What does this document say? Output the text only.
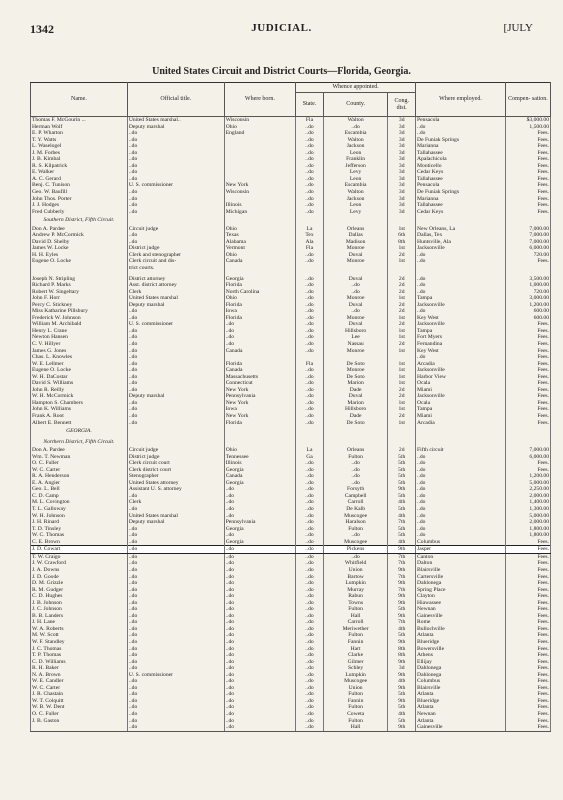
1342	JUDICIAL.	[JULY
United States Circuit and District Courts—Florida, Georgia.
Name.	Official title.	Where born.	Whence appointed.			Where employed.	Compen- sation.
			State.	County.	Cong. dist.		
Thomas F. McGourin ...	United States marshal..	Wisconsin	Fla	Walton	3d	Pensacola	$3,000.00
Herman Wolf	Deputy marshal	Ohio	..do	..do	3d	..do	1,500.00
E. P. Wharton	..do	England	..do	Escambia	3d	..do	Fees.
T. Y. Watts	..do		..do	Walton	3d	De Funiak Springs	Fees.
L. Waselogel	..do		..do	Jackson	3d	Marianna	Fees.
J. M. Forbes	..do		..do	Leon	3d	Tallahassee	Fees.
J. B. Kimbal	..do		..do	Franklin	3d	Apalachicola	Fees.
R. S. Kilpatrick	..do		..do	Jefferson	3d	Monticello	Fees.
E. Walker	..do		..do	Levy	3d	Cedar Keys	Fees.
A. C. Gerard	..do		..do	Leon	3d	Tallahassee	Fees.
Benj. C. Tunison	U. S. commissioner	New York	..do	Escambia	3d	Pensacola	Fees.
Geo. W. Baufill	..do	Wisconsin	..do	Walton	3d	De Funiak Springs	Fees.
John Thos. Porter	..do		..do	Jackson	3d	Marianna	Fees.
J. J. Hodges	..do	Illinois	..do	Leon	3d	Tallahassee	Fees.
Fred Cubberly	..do	Michigan	..do	Levy	3d	Cedar Keys	Fees.
Southern District, Fifth Circuit.							
Don A. Pardee	Circuit judge	Ohio	La	Orleans	1st	New Orleans, La	7,000.00
Andrew P. McCormick	..do	Texas	Tex	Dallas	6th	Dallas, Tex	7,000.00
David D. Shelby	..do	Alabama	Ala	Madison	8th	Huntsville, Ala	7,000.00
James W. Locke	District judge	Vermont	Fla	Monroe	1st	Jacksonville	6,000.00
H. H. Eyles	Clerk and stenographer	Ohio	..do	Duval	2d	..do	720.00
Eugene O. Locke	Clerk circuit and dis-	Canada	..do	Monroe	1st	..do	Fees.
	trict courts.						

Joseph N. Stripling	District attorney	Georgia	..do	Duval	2d	..do	3,500.00
Richard P. Marks	Asst. district attorney	Florida	..do	..do	2d	..do	1,000.00
Robert W. Singeltary	Clerk	North Carolina	..do	..do	2d	..do	720.00
John F. Horr	United States marshal	Ohio	..do	Monroe	1st	Tampa	3,000.00
Percy C. Stickney	Deputy marshal	Florida	..do	Duval	2d	Jacksonville	1,200.00
Miss Katharine Pillsbury	..do	Iowa	..do	..do	2d	..do	600.00
Frederick W. Johnson	..do	Florida	..do	Monroe	1st	Key West	600.00
William M. Archibald	U. S. commissioner	..do	..do	Duval	2d	Jacksonville	Fees.
Henry L. Crane	..do	..do	..do	Hillsboro	1st	Tampa	Fees.
Newton Hansen	..do	..do	..do	Lee	1st	Fort Myers	Fees.
C. V. Hillyer	..do	..do	..do	Nassau	2d	Fernandina	Fees.
James G. Jones	..do	Canada	..do	Monroe	1st	Key West	Fees.
Chas. L. Knowles	..do					..do	Fees.
W. E. Lellmer	..do	Florida	Fla	De Soto	1st	Arcadia	Fees.
Eugene O. Locke	..do	Canada	..do	Monroe	1st	Jacksonville	Fees.
W. H. DaCostar	..do	Massachusetts	..do	De Soto	1st	Harbor View	Fees.
David S. Williams	..do	Connecticut	..do	Marion	1st	Ocala	Fees.
John R. Reilly	..do	New York	..do	Dade	2d	Miami	Fees.
W. H. McCormick	Deputy marshal	Pennsylvania	..do	Duval	2d	Jacksonville	Fees.
Hampton S. Chambers	..do	New York	..do	Marion	1st	Ocala	Fees.
John K. Williams	..do	Iowa	..do	Hillsboro	1st	Tampa	Fees.
Frank A. Root	..do	New York	..do	Dade	2d	Miami	Fees.
Albert E. Bennett	..do	Florida	..do	De Soto	1st	Arcadia	Fees.
GEORGIA.							
Northern District, Fifth Circuit.							
Don A. Pardee	Circuit judge	Ohio	La	Orleans	2d	Fifth circuit	7,000.00
Wm. T. Newman	District judge	Tennessee	Ga	Fulton	5th	..do	6,000.00
O. C. Fuller	Clerk circuit court	Illinois	..do	..do	5th	..do	Fees.
W. C. Carter	Clerk district court	Georgia	..do	..do	5th	..do	Fees.
R. A. Henderson	Stenographer	Canada	..do	..do	5th	..do	1,200.00
E. A. Angier	United States attorney	Georgia	..do	..do	5th	..do	5,000.00
Geo. L. Bell	Assistant U. S. attorney	..do	..do	Forsyth	9th	..do	2,250.00
C. D. Camp	..do	..do	..do	Campbell	5th	..do	2,000.00
M. L. Covington	Clerk	..do	..do	Carroll	4th	..do	1,400.00
T. L. Galloway	..do	..do	..do	De Kalb	5th	..do	1,300.00
W. H. Johnson	United States marshal	..do	..do	Muscogee	4th	..do	5,000.00
J. H. Rinard	Deputy marshal	Pennsylvania	..do	Haralson	7th	..do	2,000.00
T. D. Tinsley	..do	Georgia	..do	Fulton	5th	..do	1,800.00
W. C. Thomas	..do	..do	..do	..do	5th	..do	1,800.00
C. E. Brown	..do	Georgia	..do	Muscogee	4th	Columbus	Fees.
J. D. Cowart	..do	..do	..do	Pickens	9th	Jasper	Fees.
T. W. Craigo	..do	..do	..do	..do	7th	Canton	Fees.
J. W. Crawford	..do	..do	..do	Whitfield	7th	Dalton	Fees.
J. A. Downs	..do	..do	..do	Union	9th	Blairsville	Fees.
J. D. Goode	..do	..do	..do	Bartow	7th	Cartersville	Fees.
D. M. Grizzle	..do	..do	..do	Lumpkin	9th	Dahlonega	Fees.
R. M. Gudger	..do	..do	..do	Murray	7th	Spring Place	Fees.
C. D. Hughes	..do	..do	..do	Rabun	9th	Clayton	Fees.
J. B. Johnson	..do	..do	..do	Towns	9th	Hiawassee	Fees.
J. C. Johnson	..do	..do	..do	Fulton	5th	Newnan	Fees.
B. B. Landers	..do	..do	..do	Hall	9th	Gainesville	Fees.
J. H. Lane	..do	..do	..do	Carroll	7th	Rome	Fees.
W. A. Roberts	..do	..do	..do	Meriwether	4th	Bullochville	Fees.
M. W. Scott	..do	..do	..do	Fulton	5th	Atlanta	Fees.
W. F. Standley	..do	..do	..do	Fannin	9th	Blueridge	Fees.
J. C. Thomas	..do	..do	..do	Hart	8th	Bowersville	Fees.
T. P. Thomas	..do	..do	..do	Clarke	8th	Athens	Fees.
C. D. Williams	..do	..do	..do	Gilmer	9th	Ellijay	Fees.
R. H. Baker	..do	..do	..do	Schley	3d	Dahlonega	Fees.
N. A. Brown	U. S. commissioner	..do	..do	Lumpkin	9th	Dahlonega	Fees.
W. E. Candler	..do	..do	..do	Muscogee	4th	Columbus	Fees.
W. C. Carter	..do	..do	..do	Union	9th	Blairsville	Fees.
J. R. Chastain	..do	..do	..do	Fulton	5th	Atlanta	Fees.
W. T. Colquitt	..do	..do	..do	Fannin	9th	Blueridge	Fees.
W. B. W. Dent	..do	..do	..do	Fulton	5th	Atlanta	Fees.
O. C. Fuller	..do	..do	..do	Coweta	4th	Newnan	Fees.
J. B. Gaston	..do	..do	..do	Fulton	5th	Atlanta	Fees.
	..do	..do	..do	Hall	9th	Gainesville	Fees.
